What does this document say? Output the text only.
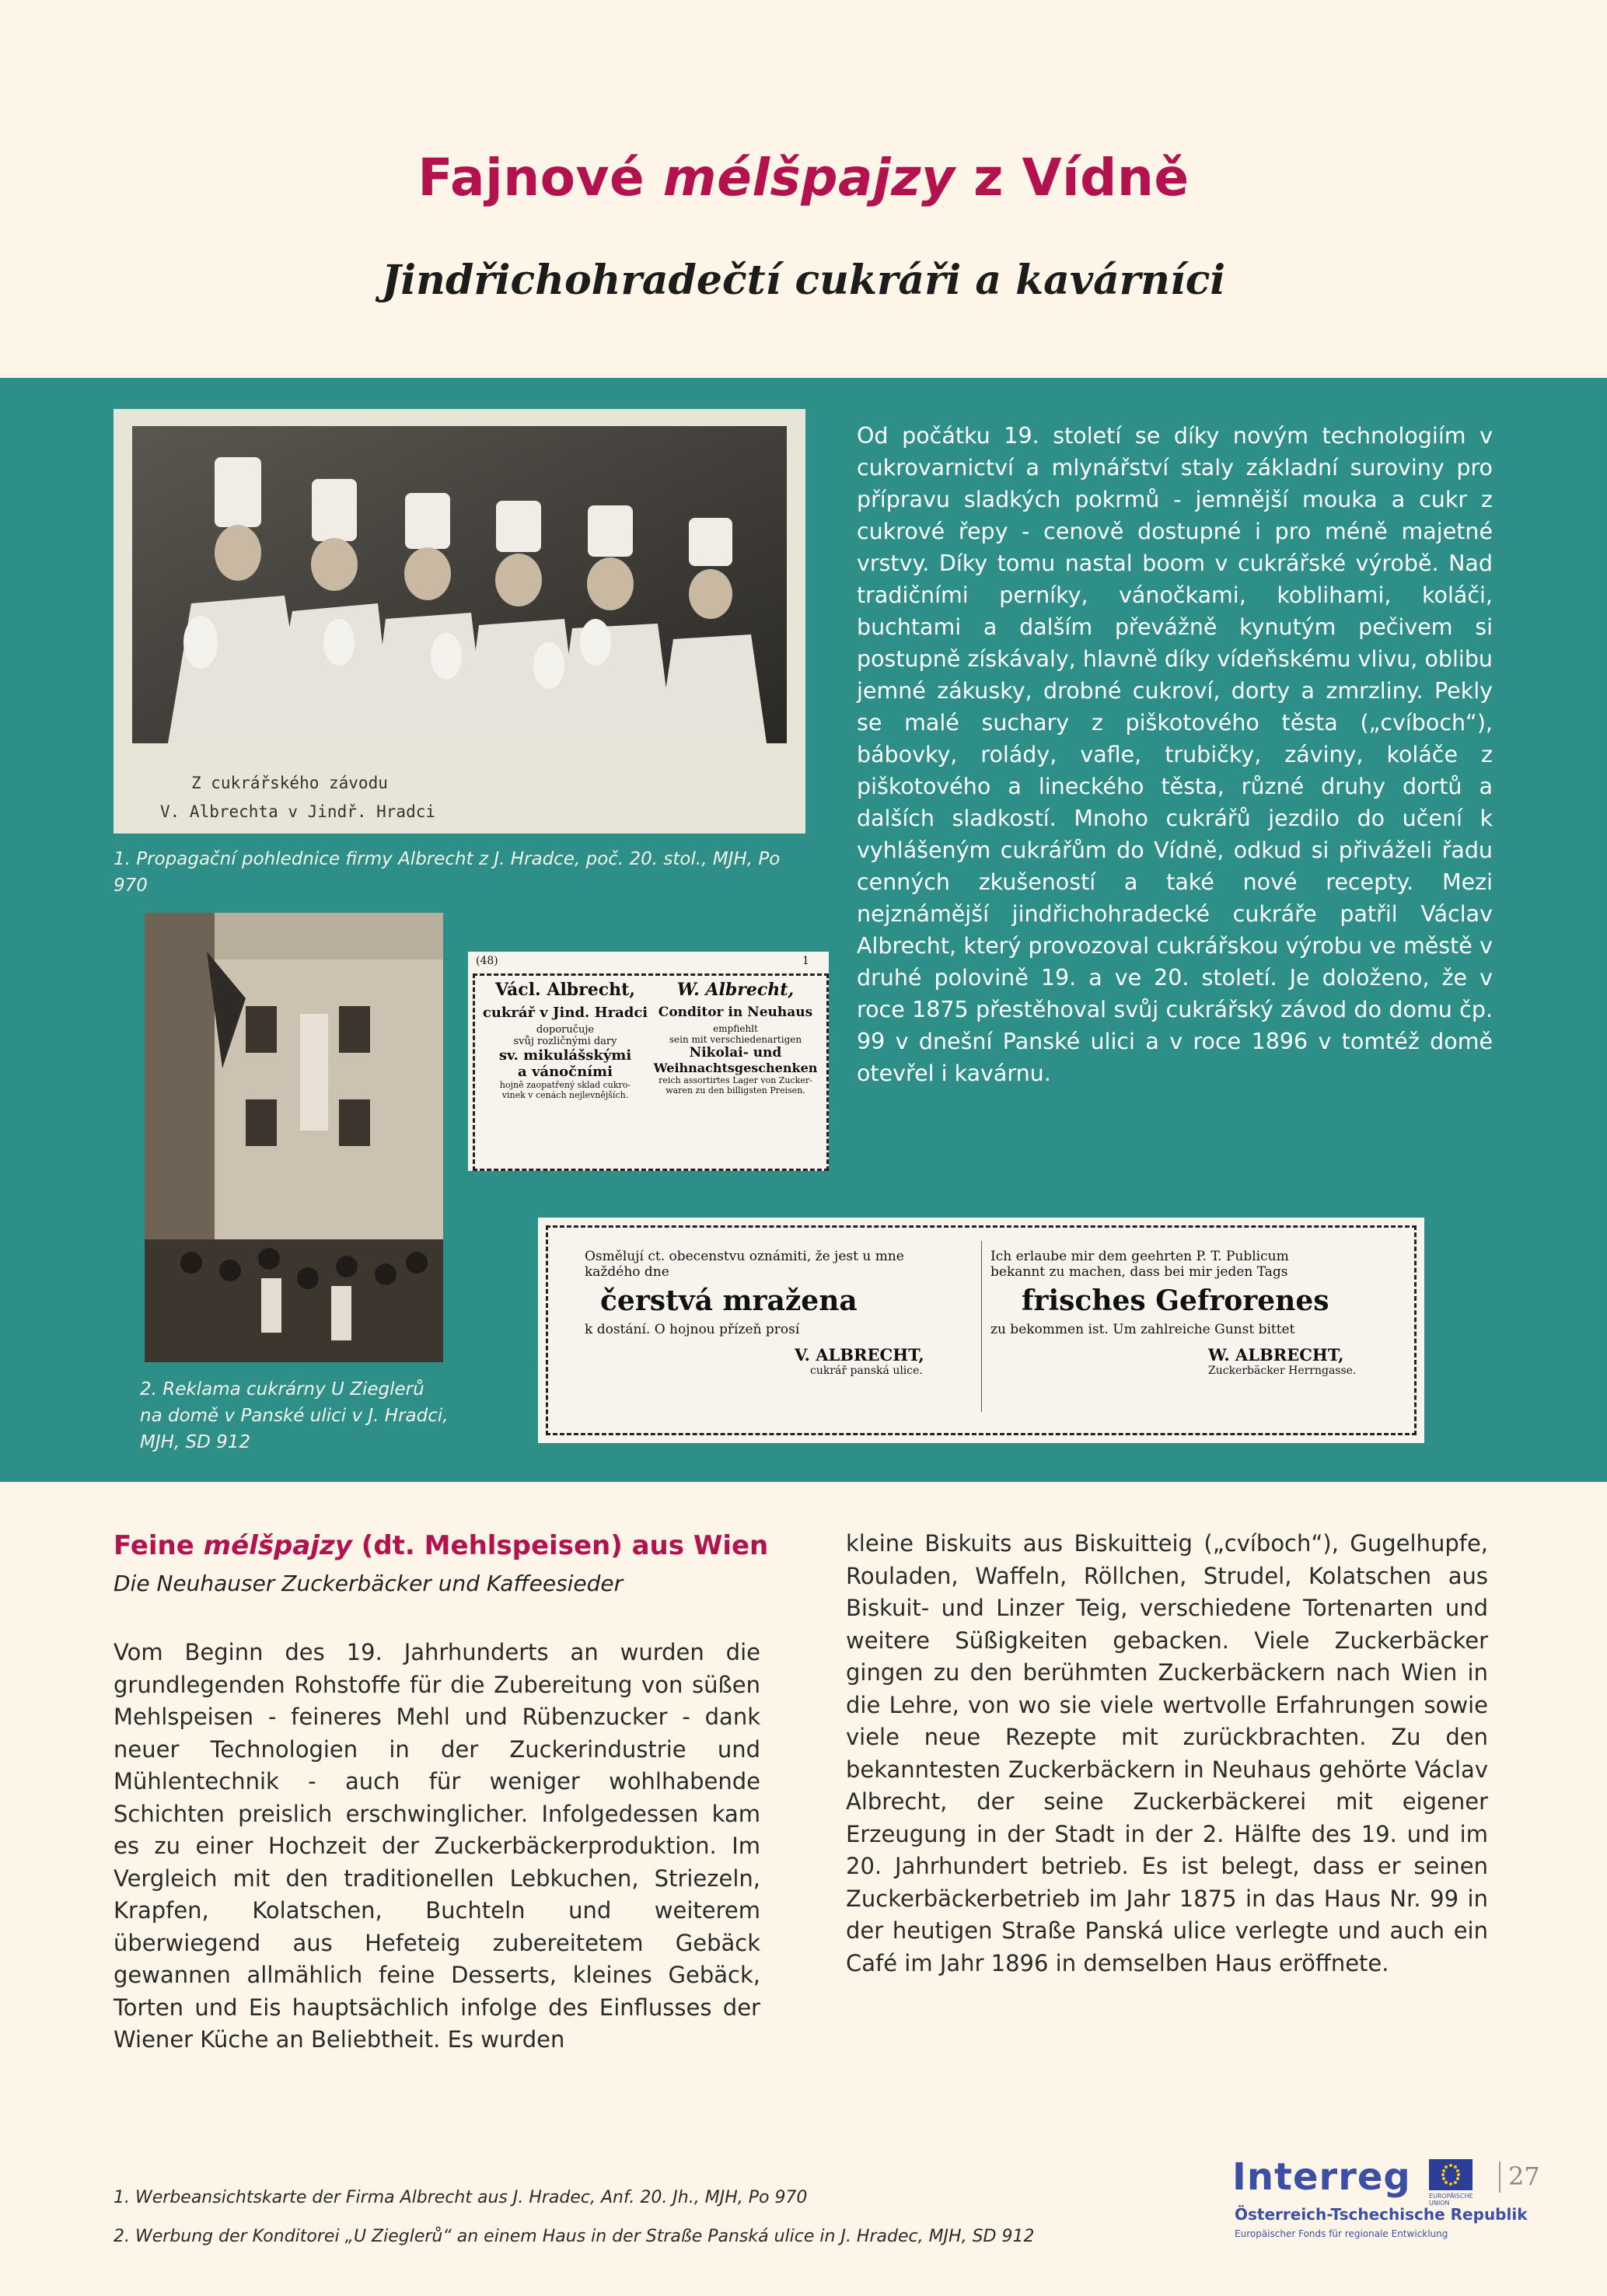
Fajnové mélšpajzy z Vídně
Jindřichohradečtí cukráři a kavárníci
Z cukrářského závodu
V. Albrechta v Jindř. Hradci
1. Propagační pohlednice firmy Albrecht z J. Hradce, poč. 20. stol., MJH, Po 970
2. Reklama cukrárny U Zieglerů
na domě v Panské ulici v J. Hradci,
MJH, SD 912
(48)	1
Václ. Albrecht,
cukrář v Jind. Hradci
doporučuje
svůj rozličnými dary
sv. mikulášskými
a vánočními
hojně zaopatřený sklad cukro-
vinek v cenách nejlevnějších.
W. Albrecht,
Conditor in Neuhaus
empfiehlt
sein mit verschiedenartigen
Nikolai- und
Weihnachtsgeschenken
reich assortirtes Lager von Zucker-
waren zu den billigsten Preisen.
Osmělují ct. obecenstvu oznámiti, že jest u mne
každého dne
čerstvá mražena
k dostání. O hojnou přízeň prosí
V. ALBRECHT,
cukrář panská ulice.
Ich erlaube mir dem geehrten P. T. Publicum
bekannt zu machen, dass bei mir jeden Tags
frisches Gefrorenes
zu bekommen ist. Um zahlreiche Gunst bittet
W. ALBRECHT,
Zuckerbäcker Herrngasse.

Od počátku 19. století se díky novým technologiím v cukrovarnictví a mlynářství staly základní suroviny pro přípravu sladkých pokrmů - jemnější mouka a cukr z cukrové řepy - cenově dostupné i pro méně majetné vrstvy. Díky tomu nastal boom v cukrářské výrobě. Nad tradičními perníky, vánočkami, koblihami, koláči, buchtami a dalším převážně kynutým pečivem si postupně získávaly, hlavně díky vídeňskému vlivu, oblibu jemné zákusky, drobné cukroví, dorty a zmrzliny. Pekly se malé suchary z piškotového těsta („cvíboch“), bábovky, rolády, vafle, trubičky, záviny, koláče z piškotového a lineckého těsta, různé druhy dortů a dalších sladkostí. Mnoho cukrářů jezdilo do učení k vyhlášeným cukrářům do Vídně, odkud si přiváželi řadu cenných zkušeností a také nové recepty. Mezi nejznámější jindřichohradecké cukráře patřil Václav Albrecht, který provozoval cukrářskou výrobu ve městě v druhé polovině 19. a ve 20. století. Je doloženo, že v roce 1875 přestěhoval svůj cukrářský závod do domu čp. 99 v dnešní Panské ulici a v roce 1896 v tomtéž domě otevřel i kavárnu.

Feine mélšpajzy (dt. Mehlspeisen) aus Wien
Die Neuhauser Zuckerbäcker und Kaffeesieder
Vom Beginn des 19. Jahrhunderts an wurden die grundlegenden Rohstoffe für die Zubereitung von süßen Mehlspeisen - feineres Mehl und Rübenzucker - dank neuer Technologien in der Zuckerindustrie und Mühlentechnik - auch für weniger wohlhabende Schichten preislich erschwinglicher. Infolgedessen kam es zu einer Hochzeit der Zuckerbäckerproduktion. Im Vergleich mit den traditionellen Lebkuchen, Striezeln, Krapfen, Kolatschen, Buchteln und weiterem überwiegend aus Hefeteig zubereitetem Gebäck gewannen allmählich feine Desserts, kleines Gebäck, Torten und Eis hauptsächlich infolge des Einflusses der Wiener Küche an Beliebtheit. Es wurden
kleine Biskuits aus Biskuitteig („cvíboch“), Gugelhupfe, Rouladen, Waffeln, Röllchen, Strudel, Kolatschen aus Biskuit- und Linzer Teig, verschiedene Tortenarten und weitere Süßigkeiten gebacken. Viele Zuckerbäcker gingen zu den berühmten Zuckerbäckern nach Wien in die Lehre, von wo sie viele wertvolle Erfahrungen sowie viele neue Rezepte mit zurückbrachten. Zu den bekanntesten Zuckerbäckern in Neuhaus gehörte Václav Albrecht, der seine Zuckerbäckerei mit eigener Erzeugung in der Stadt in der 2. Hälfte des 19. und im 20. Jahrhundert betrieb. Es ist belegt, dass er seinen Zuckerbäckerbetrieb im Jahr 1875 in das Haus Nr. 99 in der heutigen Straße Panská ulice verlegte und auch ein Café im Jahr 1896 in demselben Haus eröffnete.
1. Werbeansichtskarte der Firma Albrecht aus J. Hradec, Anf. 20. Jh., MJH, Po 970
2. Werbung der Konditorei „U Zieglerů“ an einem Haus in der Straße Panská ulice in J. Hradec, MJH, SD 912
Interreg	EUROPÄISCHE UNION
Österreich-Tschechische Republik
Europäischer Fonds für regionale Entwicklung
27
